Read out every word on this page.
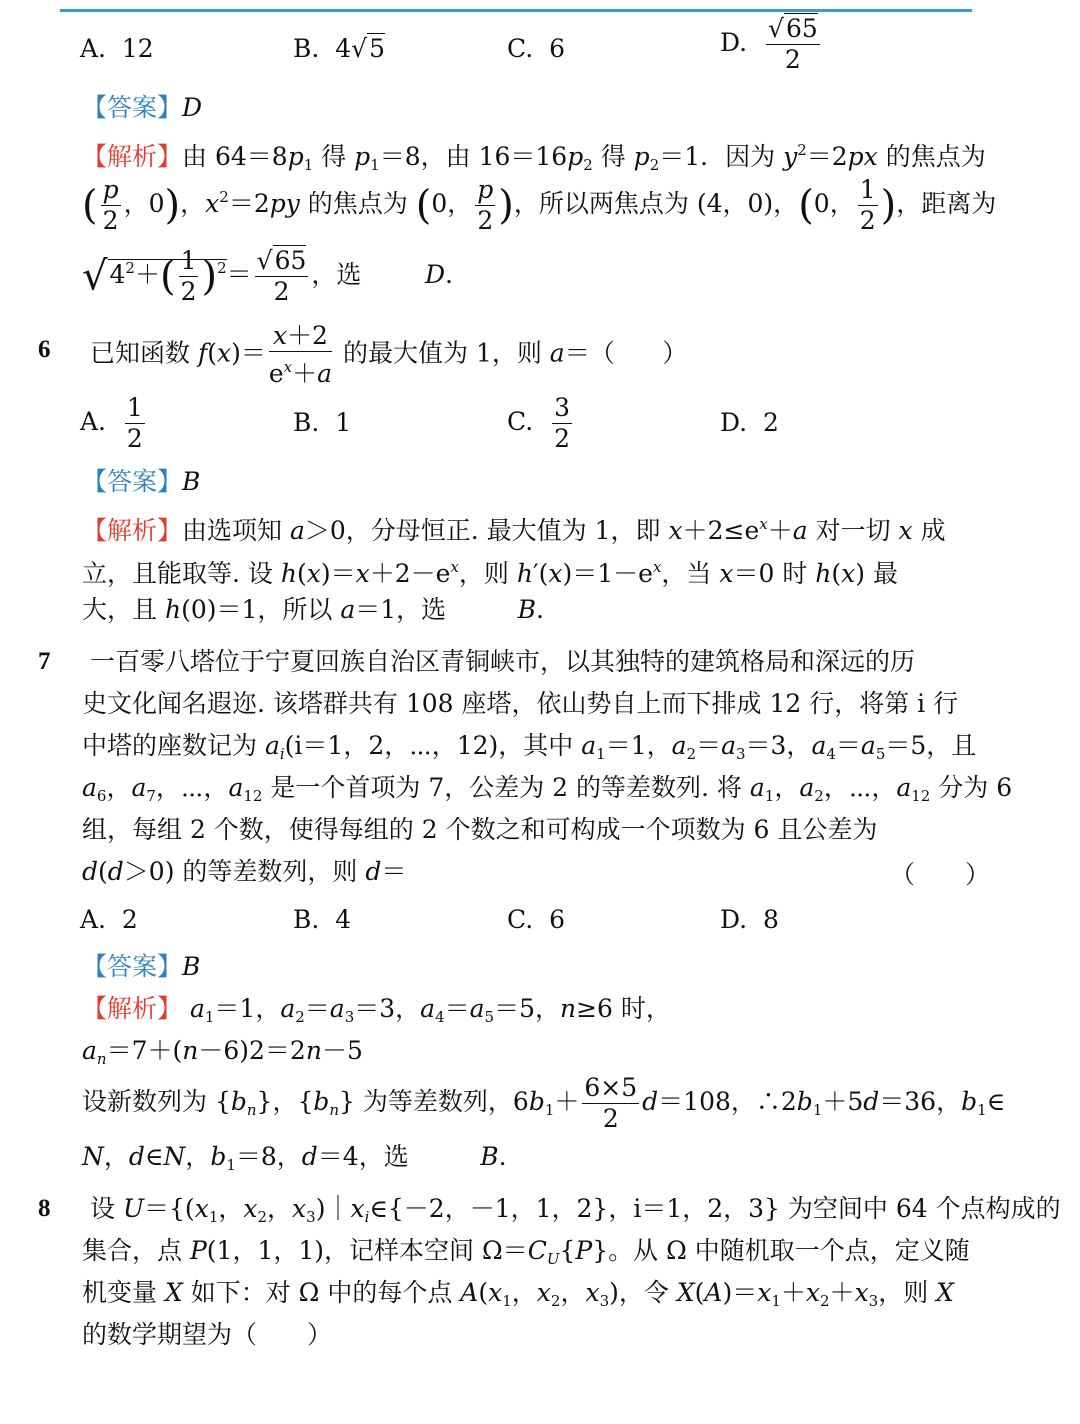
A.  12	B.  4√5	C.  6	D. $\frac{√65}{2}$
【答案】D
【解析】由 $64=8p_1$ 得 $p_1=8$，由 $16=16p_2$ 得 $p_2=1$．因为 $y^2=2px$ 的焦点为
( $\frac{p}{2}$ ，0)，$x^2=2py$ 的焦点为 (0， $\frac{p}{2}$ )，所以两焦点为 (4，0)，(0， $\frac{1}{2}$ )，距离为
$√4^2+( \frac{1}{2} )^2= \frac{√65}{2}$ ，选        D.
6 已知函数 $f(x)= \frac{x+2}{e^x+a}$ 的最大值为 1，则 a＝（      ）
A. $\frac{1}{2}$	B.  1	C. $\frac{3}{2}$	D.  2
【答案】B
【解析】由选项知 a＞0，分母恒正. 最大值为 1，即 $x+2\le e^x+a$ 对一切 x 成
立，且能取等. 设 $h(x)=x+2-e^x$，则 $h'(x)=1-e^x$，当 x＝0 时 h(x) 最
大，且 h(0)＝1，所以 a＝1，选         B.
7 一百零八塔位于宁夏回族自治区青铜峡市，以其独特的建筑格局和深远的历
史文化闻名遐迩. 该塔群共有 108 座塔，依山势自上而下排成 12 行，将第 i 行
中塔的座数记为 $a_i(i=1$，2，⋯，12)，其中 $a_1=1$，$a_2=a_3=3$，$a_4=a_5=5$，且
$a_6$，$a_7$，⋯，$a_{12}$ 是一个首项为 7，公差为 2 的等差数列. 将 $a_1$，$a_2$，⋯，$a_{12}$ 分为 6
组，每组 2 个数，使得每组的 2 个数之和可构成一个项数为 6 且公差为
d(d＞0) 的等差数列，则 d＝	（　　）
A.  2	B.  4	C.  6	D.  8
【答案】B
【解析】 $a_1=1$，$a_2=a_3=3$，$a_4=a_5=5$，n≥6 时，
$a_n=7+(n-6)2=2n-5$
设新数列为 $\{b_n\}$，$\{b_n\}$ 为等差数列，$6b_1+ \frac{6\times 5}{2} d=108$，$\therefore 2b_1+5d=36$，$b_1\in$
N，d∈N，$b_1=8$，d＝4，选         B.
8 设 $U=\{(x_1$，$x_2$，$x_3)|x_i\in\{-2$，－1，1，2}，i＝1，2，3} 为空间中 64 个点构成的
集合，点 P(1，1，1)，记样本空间 $\Omega=C_U\{P\}$。从 Ω 中随机取一个点，定义随
机变量 X 如下：对 Ω 中的每个点 $A(x_1$，$x_2$，$x_3$)，令 $X(A)=x_1+x_2+x_3$，则 X
的数学期望为（　　）
